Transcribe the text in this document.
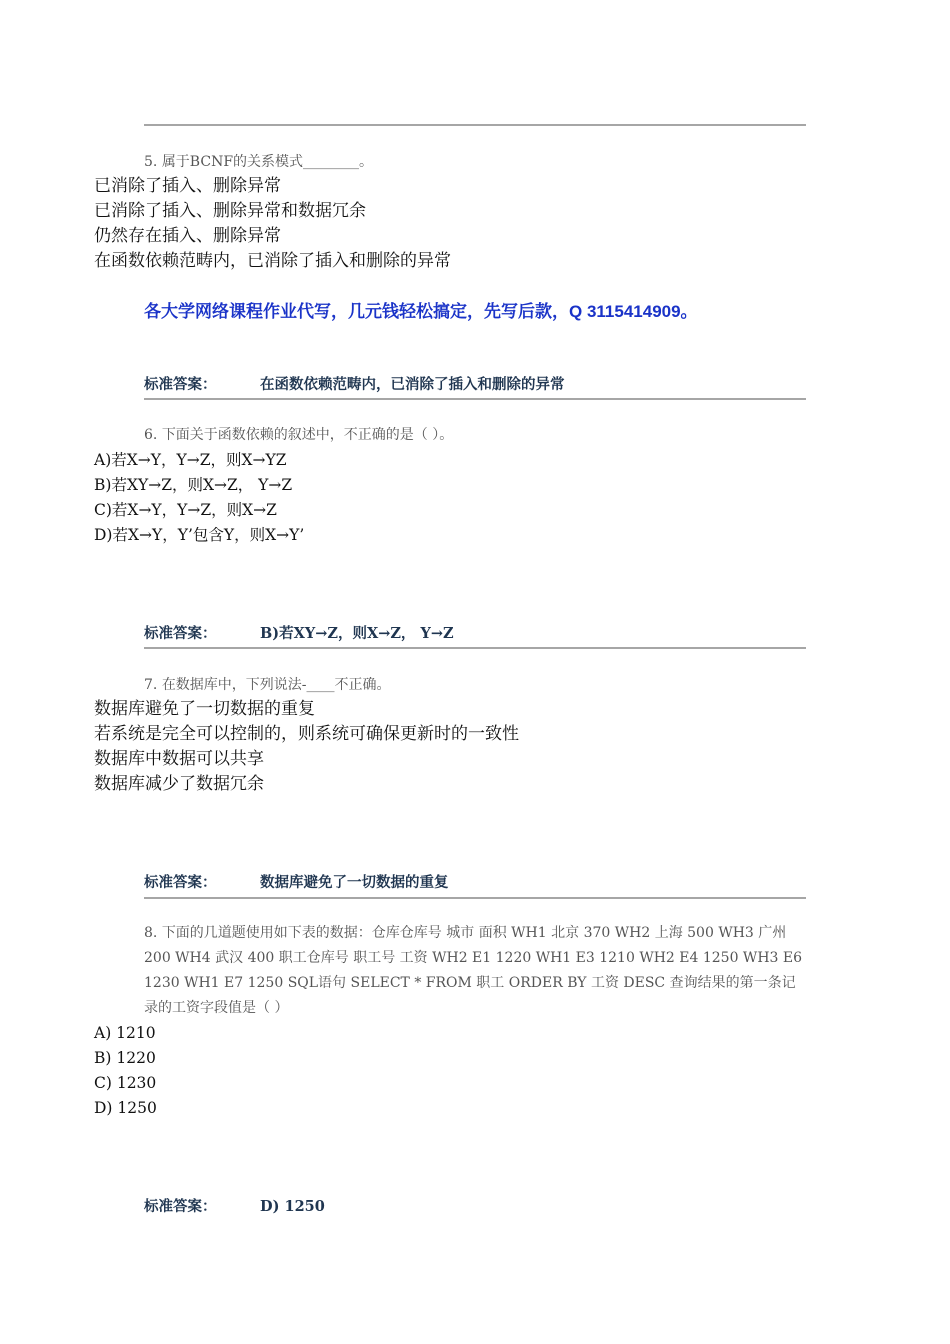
5. 属于BCNF的关系模式________。
已消除了插入、删除异常
已消除了插入、删除异常和数据冗余
仍然存在插入、删除异常
在函数依赖范畴内，已消除了插入和删除的异常
各大学网络课程作业代写，几元钱轻松搞定，先写后款，Q 3115414909。
标准答案：	在函数依赖范畴内，已消除了插入和删除的异常
6. 下面关于函数依赖的叙述中，不正确的是（ ）。
A)若X→Y，Y→Z，则X→YZ
B)若XY→Z，则X→Z， Y→Z
C)若X→Y，Y→Z，则X→Z
D)若X→Y，Y’包含Y，则X→Y’
标准答案：	B)若XY→Z，则X→Z， Y→Z
7. 在数据库中，下列说法-____不正确。
数据库避免了一切数据的重复
若系统是完全可以控制的，则系统可确保更新时的一致性
数据库中数据可以共享
数据库减少了数据冗余
标准答案：	数据库避免了一切数据的重复
8. 下面的几道题使用如下表的数据：仓库仓库号 城市 面积 WH1 北京 370 WH2 上海 500 WH3 广州 200 WH4 武汉 400 职工仓库号 职工号 工资 WH2 E1 1220 WH1 E3 1210 WH2 E4 1250 WH3 E6 1230 WH1 E7 1250 SQL语句 SELECT * FROM 职工 ORDER BY 工资 DESC 查询结果的第一条记录的工资字段值是（ ）
A) 1210
B) 1220
C) 1230
D) 1250
标准答案：	D) 1250
